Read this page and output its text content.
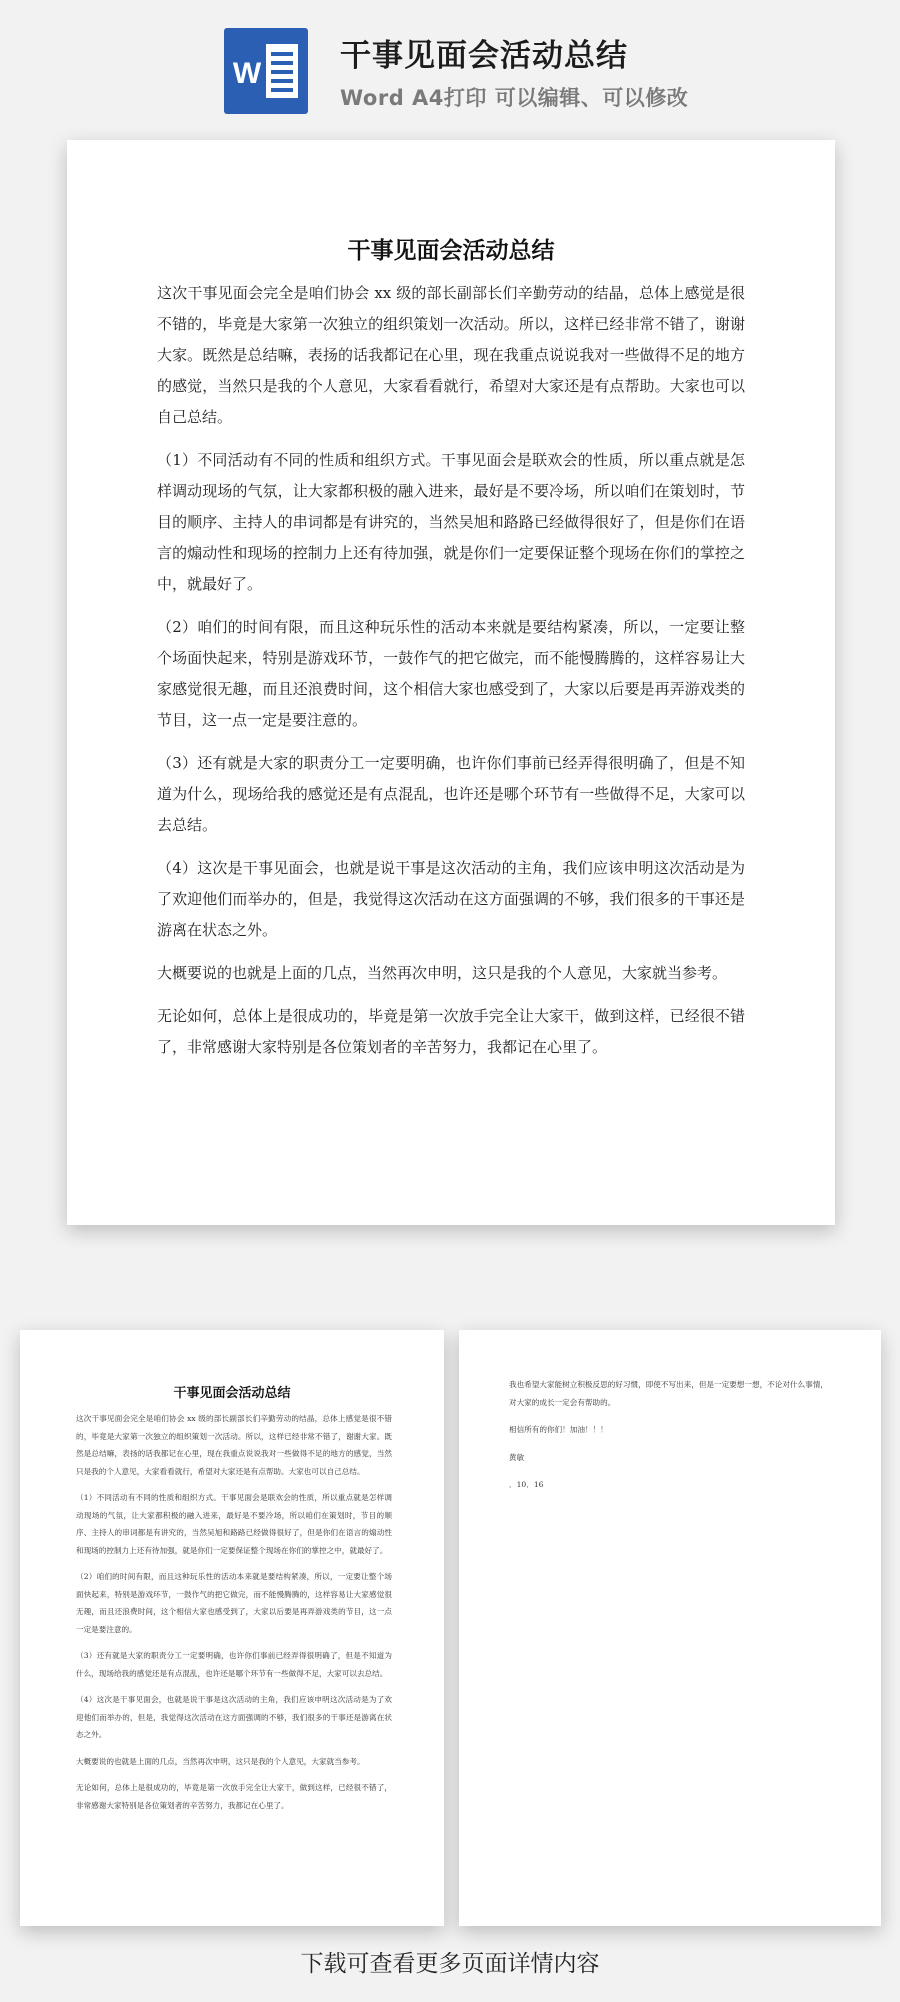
W	干事见面会活动总结
Word A4打印 可以编辑、可以修改
干事见面会活动总结

这次干事见面会完全是咱们协会 xx 级的部长副部长们辛勤劳动的结晶，总体上感觉是很不错的，毕竟是大家第一次独立的组织策划一次活动。所以，这样已经非常不错了，谢谢大家。既然是总结嘛，表扬的话我都记在心里，现在我重点说说我对一些做得不足的地方的感觉，当然只是我的个人意见，大家看看就行，希望对大家还是有点帮助。大家也可以自己总结。

（1）不同活动有不同的性质和组织方式。干事见面会是联欢会的性质，所以重点就是怎样调动现场的气氛，让大家都积极的融入进来，最好是不要冷场，所以咱们在策划时，节目的顺序、主持人的串词都是有讲究的，当然吴旭和路路已经做得很好了，但是你们在语言的煽动性和现场的控制力上还有待加强，就是你们一定要保证整个现场在你们的掌控之中，就最好了。

（2）咱们的时间有限，而且这种玩乐性的活动本来就是要结构紧凑，所以，一定要让整个场面快起来，特别是游戏环节，一鼓作气的把它做完，而不能慢腾腾的，这样容易让大家感觉很无趣，而且还浪费时间，这个相信大家也感受到了，大家以后要是再弄游戏类的节目，这一点一定是要注意的。

（3）还有就是大家的职责分工一定要明确，也许你们事前已经弄得很明确了，但是不知道为什么，现场给我的感觉还是有点混乱，也许还是哪个环节有一些做得不足，大家可以去总结。

（4）这次是干事见面会，也就是说干事是这次活动的主角，我们应该申明这次活动是为了欢迎他们而举办的，但是，我觉得这次活动在这方面强调的不够，我们很多的干事还是游离在状态之外。

大概要说的也就是上面的几点，当然再次申明，这只是我的个人意见，大家就当参考。

无论如何，总体上是很成功的，毕竟是第一次放手完全让大家干，做到这样，已经很不错了，非常感谢大家特别是各位策划者的辛苦努力，我都记在心里了。

干事见面会活动总结

这次干事见面会完全是咱们协会 xx 级的部长副部长们辛勤劳动的结晶，总体上感觉是很不错的，毕竟是大家第一次独立的组织策划一次活动。所以，这样已经非常不错了，谢谢大家。既然是总结嘛，表扬的话我都记在心里，现在我重点说说我对一些做得不足的地方的感觉，当然只是我的个人意见，大家看看就行，希望对大家还是有点帮助。大家也可以自己总结。

（1）不同活动有不同的性质和组织方式。干事见面会是联欢会的性质，所以重点就是怎样调动现场的气氛，让大家都积极的融入进来，最好是不要冷场，所以咱们在策划时，节目的顺序、主持人的串词都是有讲究的，当然吴旭和路路已经做得很好了，但是你们在语言的煽动性和现场的控制力上还有待加强，就是你们一定要保证整个现场在你们的掌控之中，就最好了。

（2）咱们的时间有限，而且这种玩乐性的活动本来就是要结构紧凑，所以，一定要让整个场面快起来，特别是游戏环节，一鼓作气的把它做完，而不能慢腾腾的，这样容易让大家感觉很无趣，而且还浪费时间，这个相信大家也感受到了，大家以后要是再弄游戏类的节目，这一点一定是要注意的。

（3）还有就是大家的职责分工一定要明确，也许你们事前已经弄得很明确了，但是不知道为什么，现场给我的感觉还是有点混乱，也许还是哪个环节有一些做得不足，大家可以去总结。

（4）这次是干事见面会，也就是说干事是这次活动的主角，我们应该申明这次活动是为了欢迎他们而举办的，但是，我觉得这次活动在这方面强调的不够，我们很多的干事还是游离在状态之外。

大概要说的也就是上面的几点，当然再次申明，这只是我的个人意见，大家就当参考。

无论如何，总体上是很成功的，毕竟是第一次放手完全让大家干，做到这样，已经很不错了，非常感谢大家特别是各位策划者的辛苦努力，我都记在心里了。

我也希望大家能树立积极反思的好习惯，即使不写出来，但是一定要想一想，不论对什么事情，对大家的成长一定会有帮助的。

相信所有的你们！加油！！！

黄敏

．10．16

下载可查看更多页面详情内容
